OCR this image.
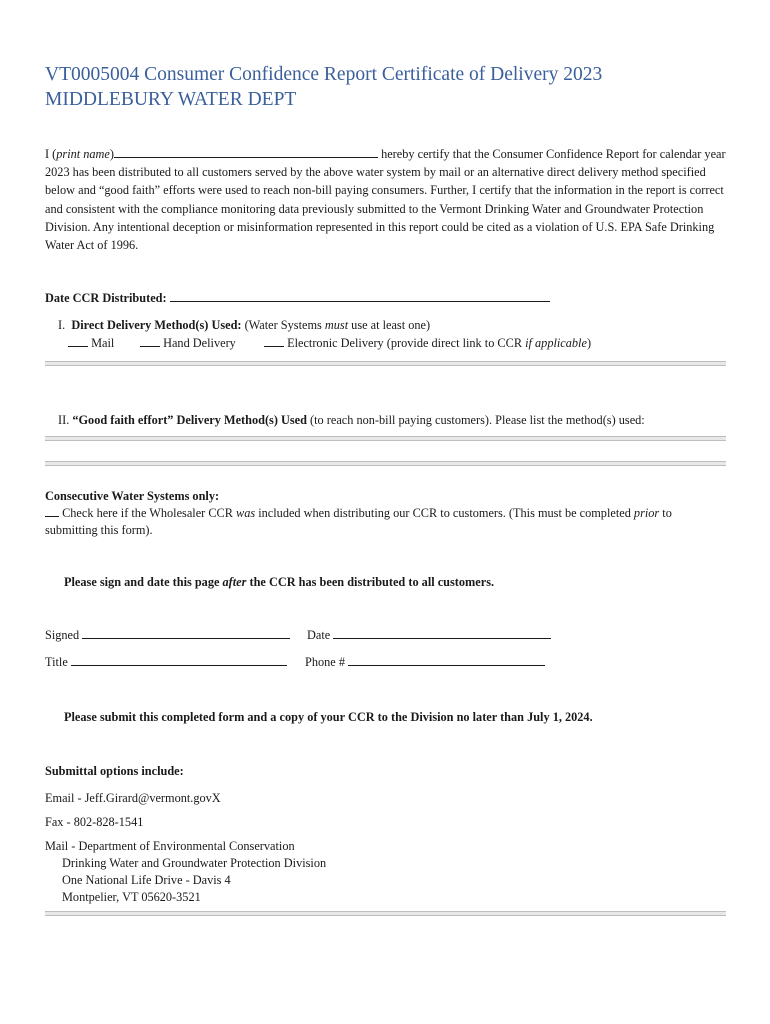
VT0005004 Consumer Confidence Report Certificate of Delivery 2023
MIDDLEBURY WATER DEPT
I (print name)	hereby certify that the Consumer Confidence Report for calendar year 2023 has been distributed to all customers served by the above water system by mail or an alternative direct delivery method specified below and “good faith” efforts were used to reach non-bill paying consumers. Further, I certify that the information in the report is correct and consistent with the compliance monitoring data previously submitted to the Vermont Drinking Water and Groundwater Protection Division. Any intentional deception or misinformation represented in this report could be cited as a violation of U.S. EPA Safe Drinking Water Act of 1996.
Date CCR Distributed:
I. Direct Delivery Method(s) Used: (Water Systems must use at least one)
Mail	Hand Delivery	Electronic Delivery (provide direct link to CCR if applicable)
II. “Good faith effort” Delivery Method(s) Used (to reach non-bill paying customers). Please list the method(s) used:
Consecutive Water Systems only:
Check here if the Wholesaler CCR was included when distributing our CCR to customers. (This must be completed prior to
submitting this form).
Please sign and date this page after the CCR has been distributed to all customers.
Signed	Date
Title	Phone #
Please submit this completed form and a copy of your CCR to the Division no later than July 1, 2024.
Submittal options include:
Email - Jeff.Girard@vermont.govX
Fax - 802-828-1541
Mail - Department of Environmental Conservation
Drinking Water and Groundwater Protection Division
One National Life Drive - Davis 4
Montpelier, VT 05620-3521
